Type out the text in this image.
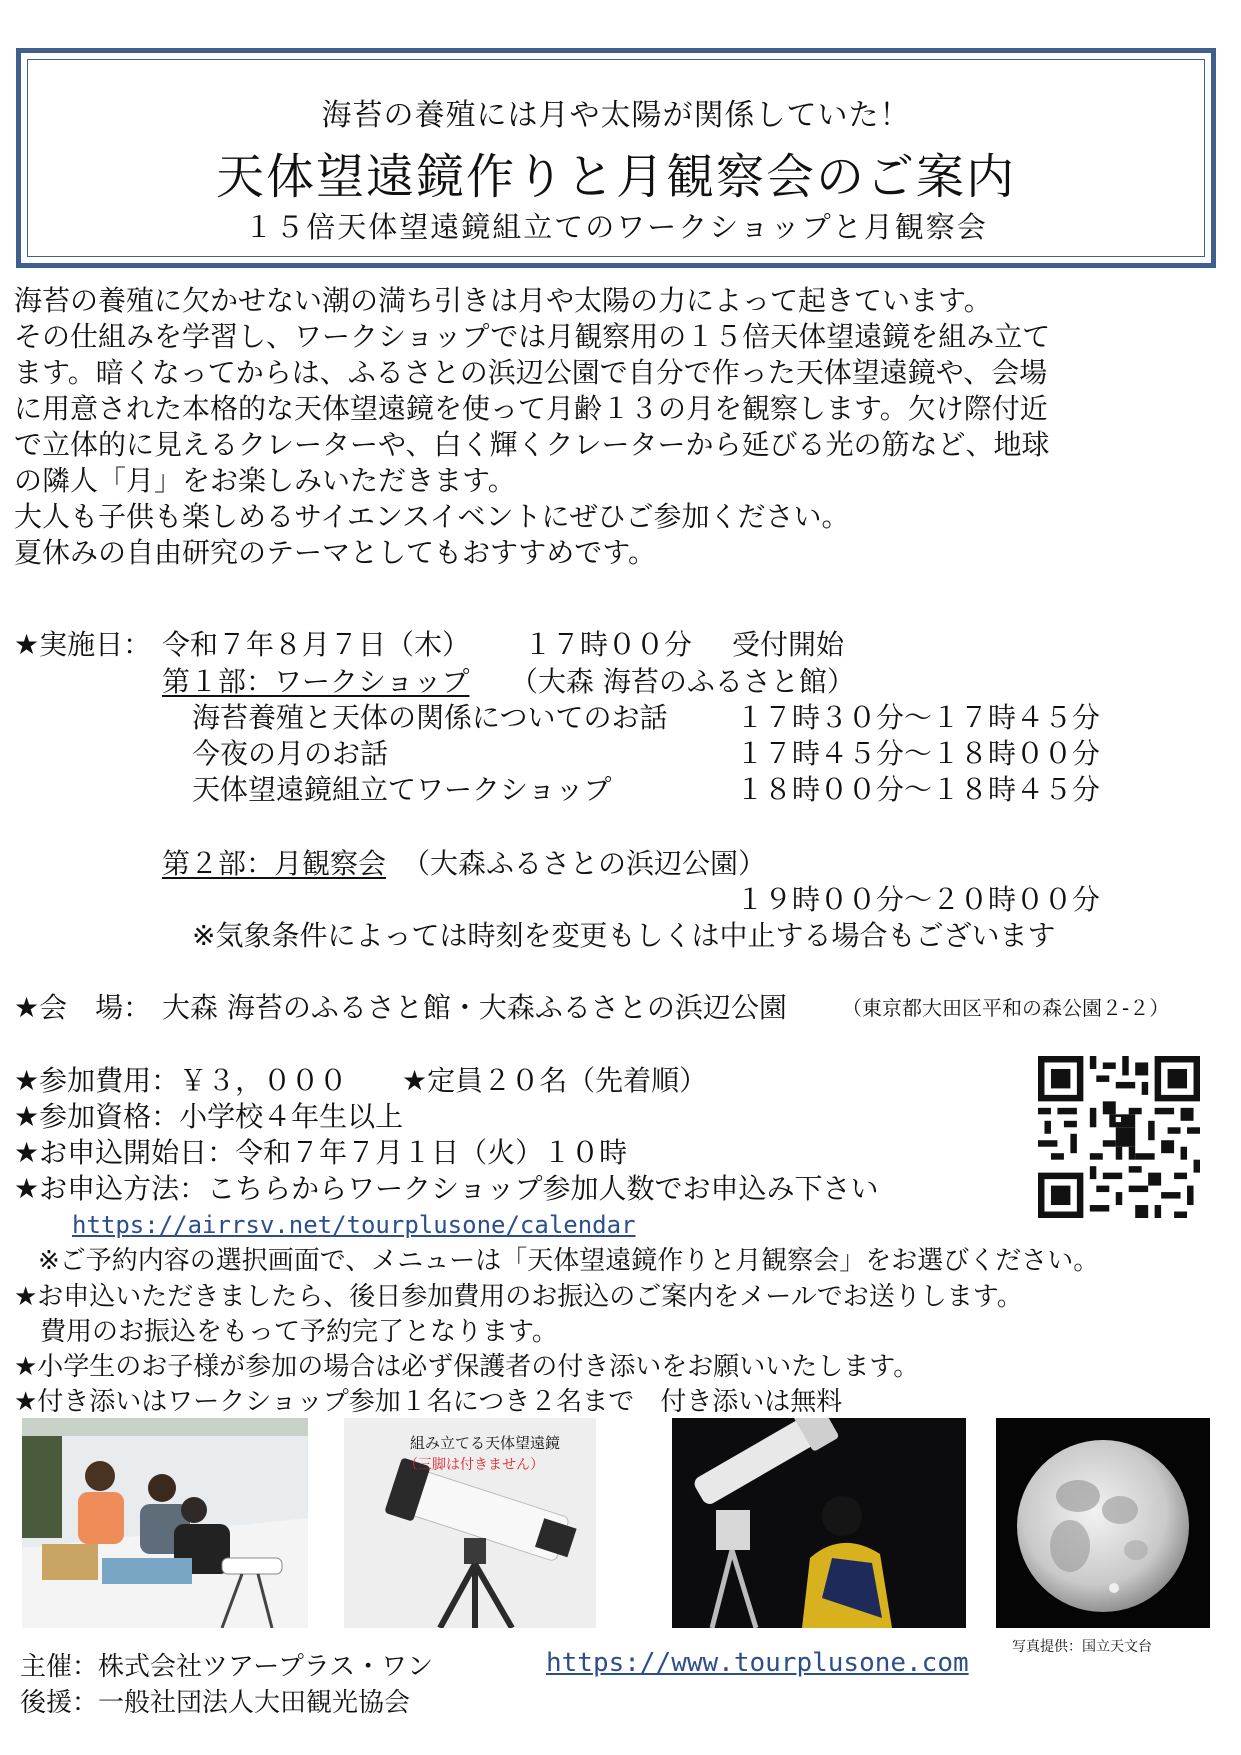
海苔の養殖には月や太陽が関係していた！
天体望遠鏡作りと月観察会のご案内
１５倍天体望遠鏡組立てのワークショップと月観察会
海苔の養殖に欠かせない潮の満ち引きは月や太陽の力によって起きています。
その仕組みを学習し、ワークショップでは月観察用の１５倍天体望遠鏡を組み立て
ます。暗くなってからは、ふるさとの浜辺公園で自分で作った天体望遠鏡や、会場
に用意された本格的な天体望遠鏡を使って月齢１３の月を観察します。欠け際付近
で立体的に見えるクレーターや、白く輝くクレーターから延びる光の筋など、地球
の隣人「月」をお楽しみいただきます。
大人も子供も楽しめるサイエンスイベントにぜひご参加ください。
夏休みの自由研究のテーマとしてもおすすめです。
★実施日： 令和７年８月７日（木） １７時００分 受付開始
第１部：ワークショップ （大森 海苔のふるさと館）
海苔養殖と天体の関係についてのお話 １７時３０分～１７時４５分
今夜の月のお話	１７時４５分～１８時００分
天体望遠鏡組立てワークショップ	１８時００分～１８時４５分
第２部：月観察会 （大森ふるさとの浜辺公園）
１９時００分～２０時００分
※気象条件によっては時刻を変更もしくは中止する場合もございます
★会　場： 大森 海苔のふるさと館・大森ふるさとの浜辺公園	（東京都大田区平和の森公園２-２）
★参加費用：￥３，０００ ★定員２０名（先着順）
★参加資格：小学校４年生以上
★お申込開始日：令和７年７月１日（火）１０時
★お申込方法：こちらからワークショップ参加人数でお申込み下さい
https://airrsv.net/tourplusone/calendar
※ご予約内容の選択画面で、メニューは「天体望遠鏡作りと月観察会」をお選びください。
★お申込いただきましたら、後日参加費用のお振込のご案内をメールでお送りします。
費用のお振込をもって予約完了となります。
★小学生のお子様が参加の場合は必ず保護者の付き添いをお願いいたします。
★付き添いはワークショップ参加１名につき２名まで　付き添いは無料
組み立てる天体望遠鏡
（三脚は付きません）
写真提供：国立天文台
主催：株式会社ツアープラス・ワン
後援：一般社団法人大田観光協会
https://www.tourplusone.com
